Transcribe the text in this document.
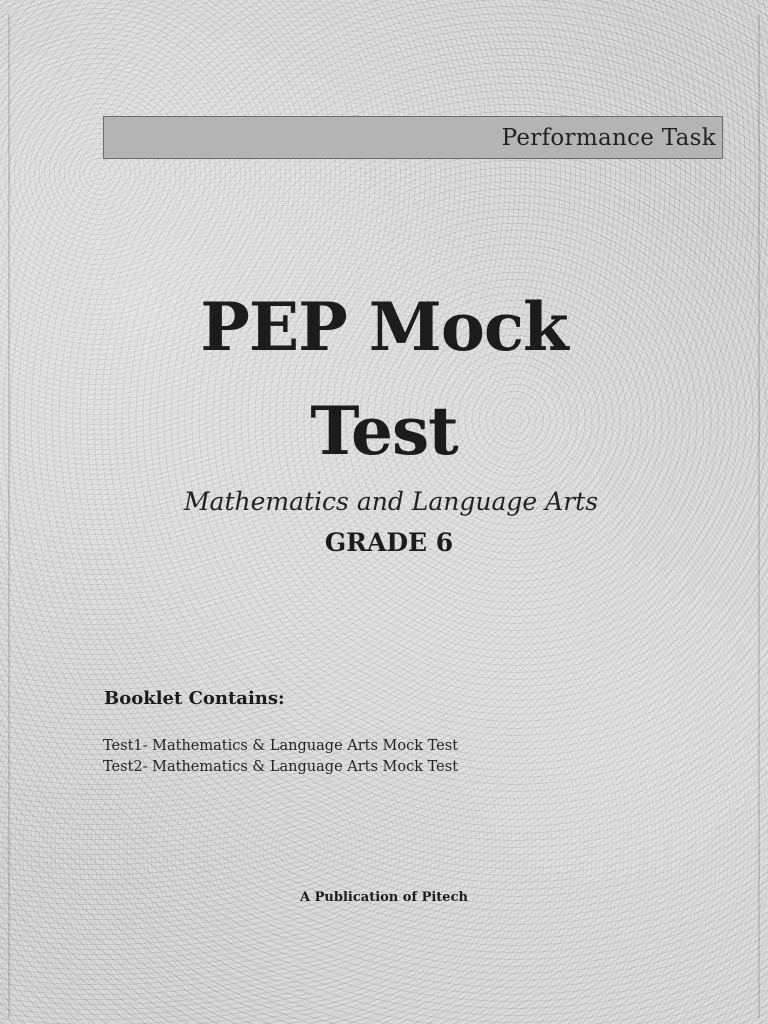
Performance Task
PEP Mock
Test
Mathematics and Language Arts
GRADE 6
Booklet Contains:
Test1- Mathematics & Language Arts Mock Test
Test2- Mathematics & Language Arts Mock Test
A Publication of Pitech
